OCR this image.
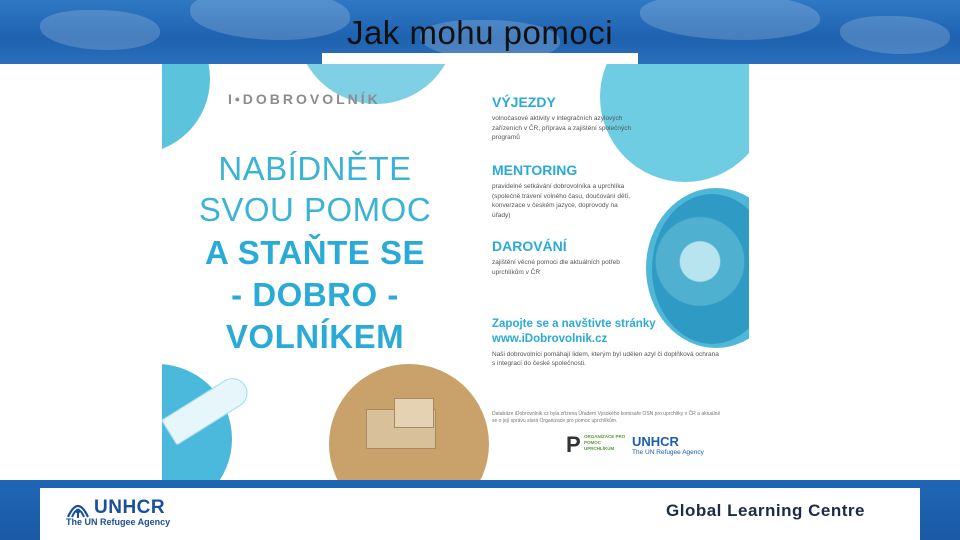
Jak mohu pomoci
I•DOBROVOLNÍK
NABÍDNĚTE
SVOU POMOC
A STAŇTE SE
- DOBRO -
VOLNÍKEM
VÝJEZDY
volnočasové aktivity v integračních azylových zařízeních v ČR, příprava a zajištění společných programů
MENTORING
pravidelné setkávání dobrovolníka a uprchlíka (společně trávení volného času, doučování dětí, konverzace v českém jazyce, doprovody na úřady)
DAROVÁNÍ
zajištění věcné pomoci dle aktuálních potřeb uprchlíkům v ČR
Zapojte se a navštivte stránky
www.iDobrovolnik.cz
Naši dobrovolníci pomáhají lidem, kterým byl udělen azyl či doplňková ochrana s integrací do české společnosti.
Databáze iDobrovolnik.cz byla zřízena Úřadem Vysokého komisaře OSN pro uprchlíky v ČR a aktuálně se o její správu stará Organizace pro pomoc uprchlíkům.
P ORGANIZACE PRO POMOC UPRCHLÍKŮM	UNHCR
The UN Refugee Agency
UNHCR
The UN Refugee Agency
Global Learning Centre
